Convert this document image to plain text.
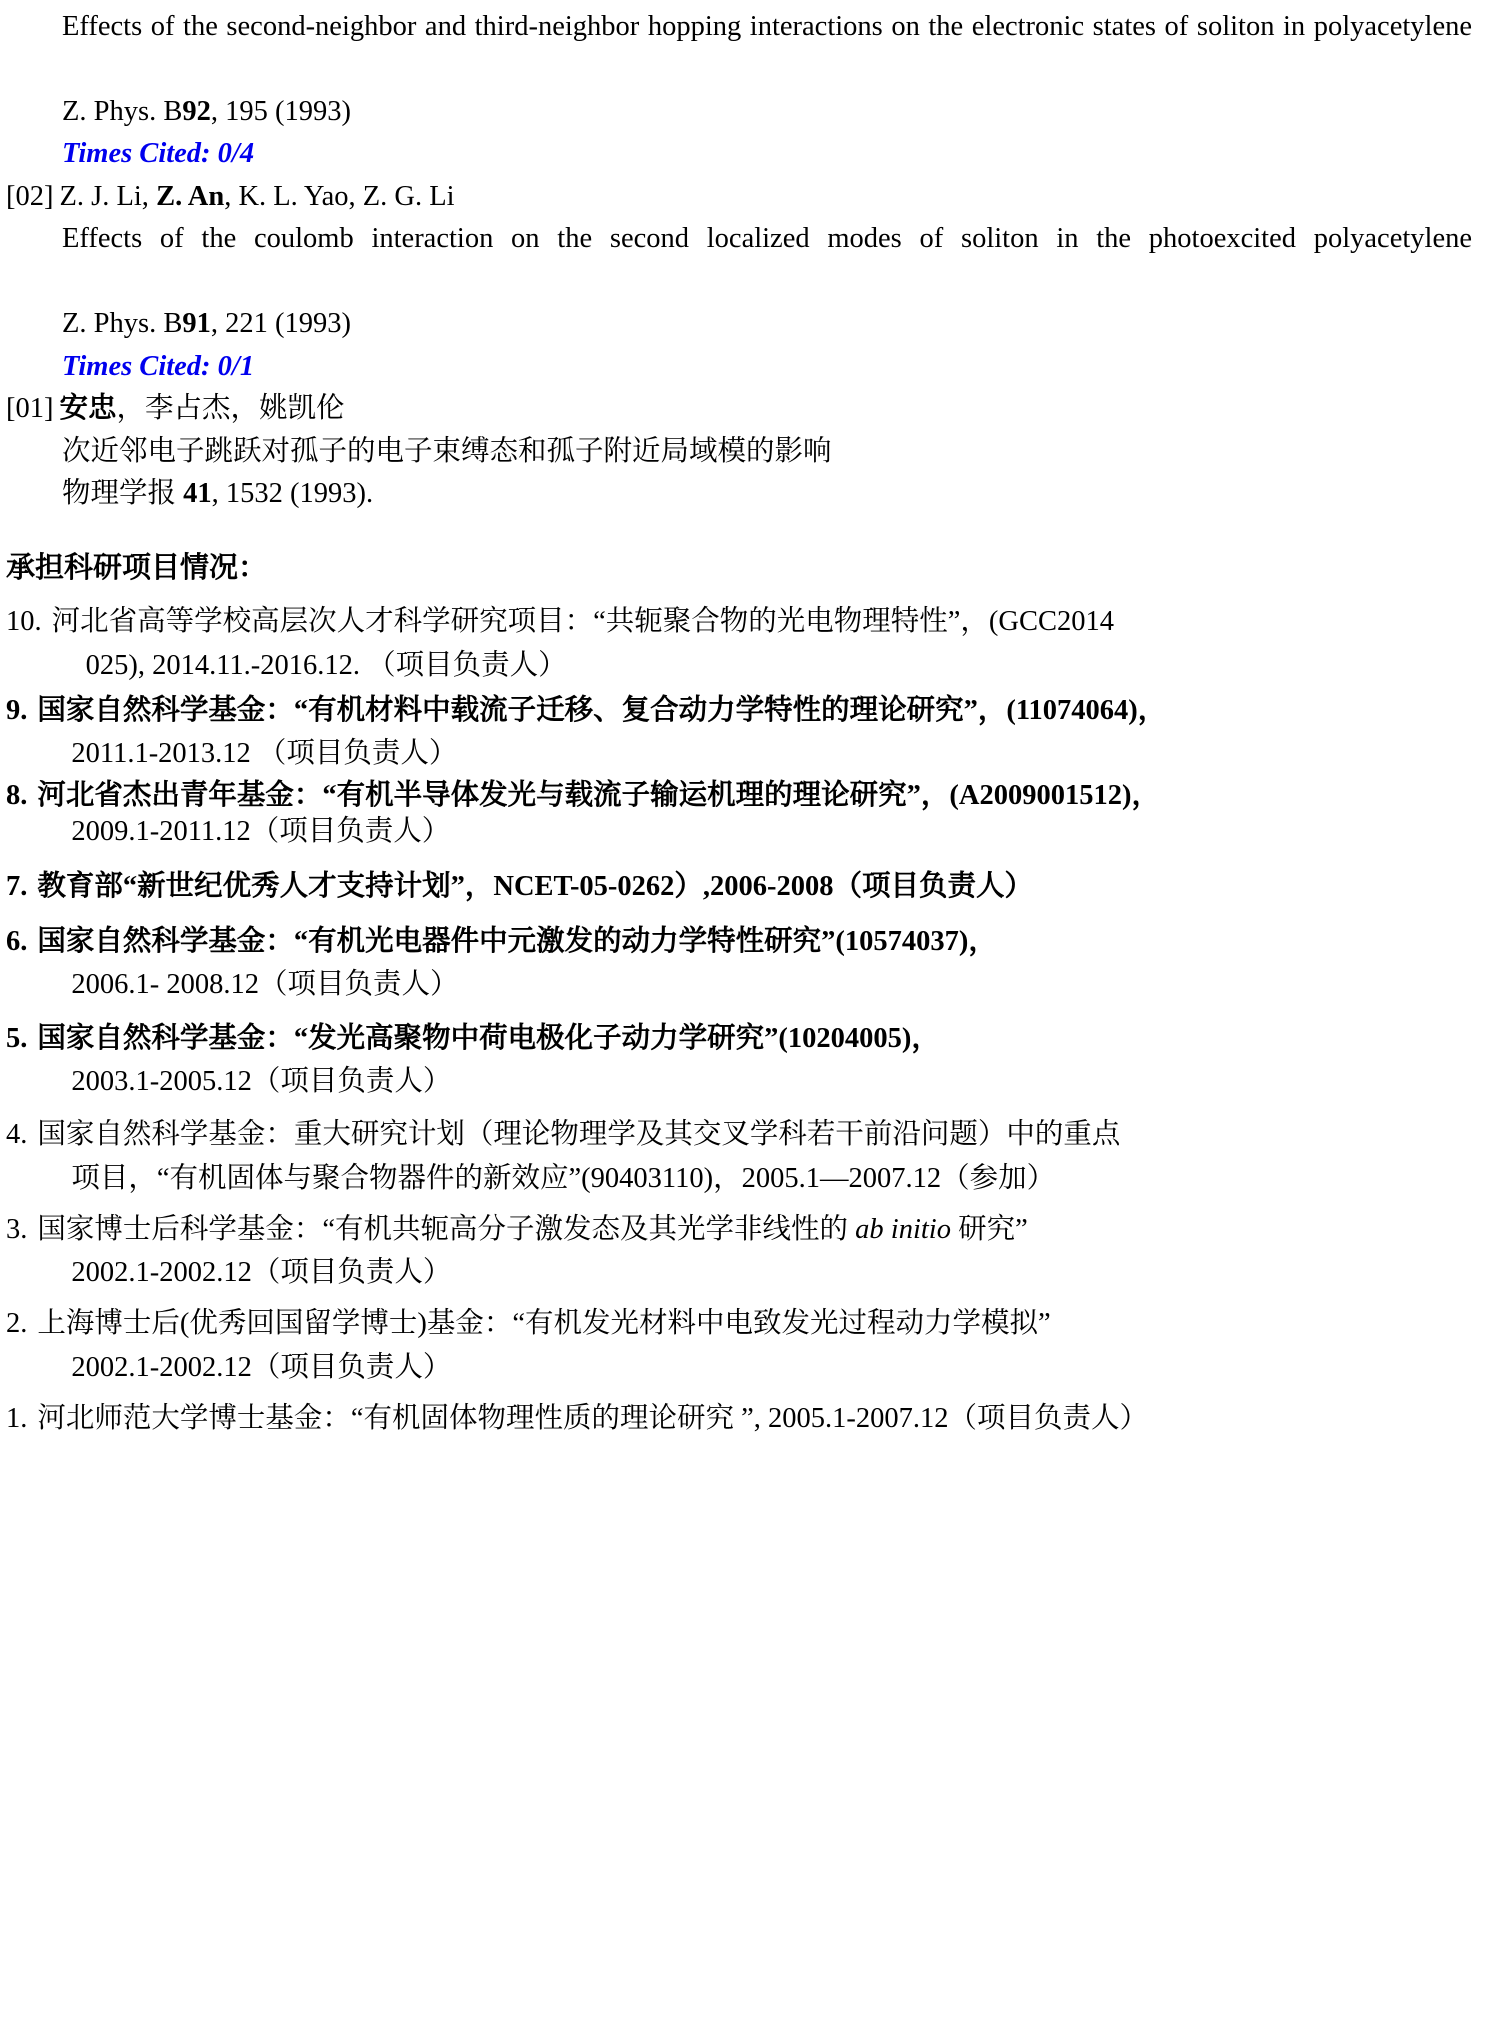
Effects of the second-neighbor and third-neighbor hopping interactions on the electronic states of soliton in polyacetylene
Z. Phys. B92, 195 (1993)
Times Cited: 0/4
[02] Z. J. Li, Z. An, K. L. Yao, Z. G. Li
Effects of the coulomb interaction on the second localized modes of soliton in the photoexcited polyacetylene
Z. Phys. B91, 221 (1993)
Times Cited: 0/1
[01] 安忠，李占杰，姚凯伦
次近邻电子跳跃对孤子的电子束缚态和孤子附近局域模的影响
物理学报 41, 1532 (1993).
承担科研项目情况：
10. 河北省高等学校高层次人才科学研究项目：“共轭聚合物的光电物理特性”，(GCC2014
025), 2014.11.-2016.12. （项目负责人）
9. 国家自然科学基金：“有机材料中载流子迁移、复合动力学特性的理论研究”，(11074064)，
2011.1-2013.12 （项目负责人）
8. 河北省杰出青年基金：“有机半导体发光与载流子输运机理的理论研究”，(A2009001512)，
2009.1-2011.12（项目负责人）
7. 教育部“新世纪优秀人才支持计划”，NCET-05-0262）,2006-2008（项目负责人）
6. 国家自然科学基金：“有机光电器件中元激发的动力学特性研究”(10574037)，
2006.1- 2008.12（项目负责人）
5. 国家自然科学基金：“发光高聚物中荷电极化子动力学研究”(10204005)，
2003.1-2005.12（项目负责人）
4. 国家自然科学基金：重大研究计划（理论物理学及其交叉学科若干前沿问题）中的重点
项目，“有机固体与聚合物器件的新效应”(90403110)，2005.1—2007.12（参加）
3. 国家博士后科学基金：“有机共轭高分子激发态及其光学非线性的 ab initio 研究”
2002.1-2002.12（项目负责人）
2. 上海博士后(优秀回国留学博士)基金：“有机发光材料中电致发光过程动力学模拟”
2002.1-2002.12（项目负责人）
1. 河北师范大学博士基金：“有机固体物理性质的理论研究 ”, 2005.1-2007.12（项目负责人）
